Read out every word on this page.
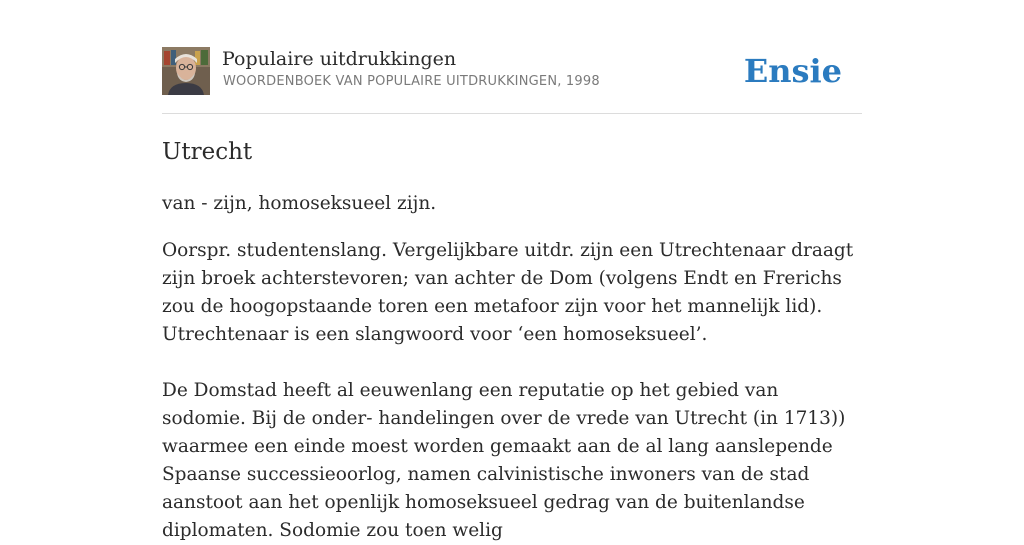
Populaire uitdrukkingen
WOORDENBOEK VAN POPULAIRE UITDRUKKINGEN, 1998	Ensie
Utrecht

van - zijn, homoseksueel zijn.

Oorspr. studentenslang. Vergelijkbare uitdr. zijn een Utrechtenaar draagt zijn broek achterstevoren; van achter de Dom (volgens Endt en Frerichs zou de hoogopstaande toren een metafoor zijn voor het mannelijk lid). Utrechtenaar is een slangwoord voor ‘een homoseksueel’.

De Domstad heeft al eeuwenlang een reputatie op het gebied van sodomie. Bij de onder- handelingen over de vrede van Utrecht (in 1713)) waarmee een einde moest worden gemaakt aan de al lang aanslepende Spaanse successieoorlog, namen calvinistische inwoners van de stad aanstoot aan het openlijk homoseksueel gedrag van de buitenlandse diplomaten. Sodomie zou toen welig
